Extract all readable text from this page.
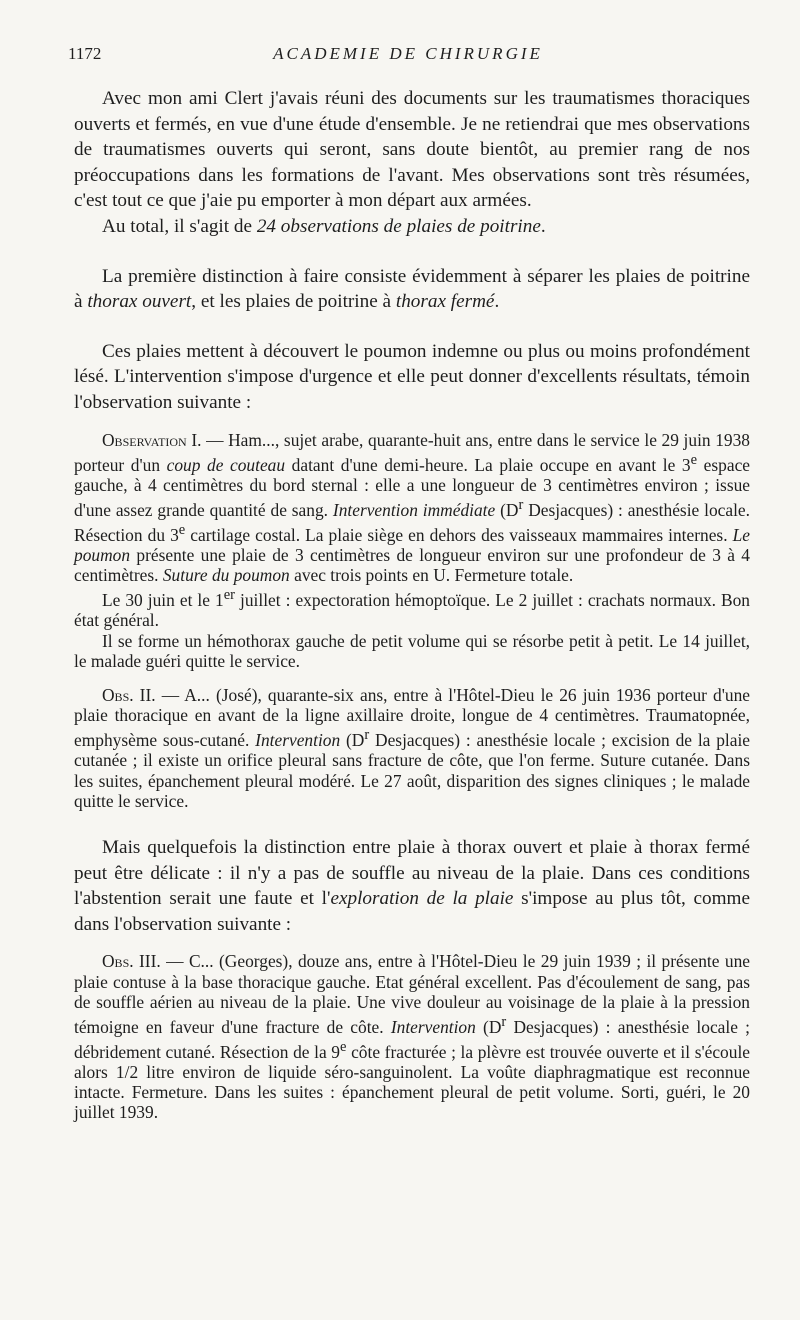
1172	ACADEMIE DE CHIRURGIE

Avec mon ami Clert j'avais réuni des documents sur les traumatismes thoraciques ouverts et fermés, en vue d'une étude d'ensemble. Je ne retiendrai que mes observations de traumatismes ouverts qui seront, sans doute bientôt, au premier rang de nos préoccupations dans les formations de l'avant. Mes observations sont très résumées, c'est tout ce que j'aie pu emporter à mon départ aux armées.

Au total, il s'agit de 24 observations de plaies de poitrine.

La première distinction à faire consiste évidemment à séparer les plaies de poitrine à thorax ouvert, et les plaies de poitrine à thorax fermé.

Ces plaies mettent à découvert le poumon indemne ou plus ou moins profondément lésé. L'intervention s'impose d'urgence et elle peut donner d'excellents résultats, témoin l'observation suivante :

Observation I. — Ham..., sujet arabe, quarante-huit ans, entre dans le service le 29 juin 1938 porteur d'un coup de couteau datant d'une demi-heure. La plaie occupe en avant le 3e espace gauche, à 4 centimètres du bord sternal : elle a une longueur de 3 centimètres environ ; issue d'une assez grande quantité de sang. Intervention immédiate ($D^r$ Desjacques) : anesthésie locale. Résection du 3e cartilage costal. La plaie siège en dehors des vaisseaux mammaires internes. Le poumon présente une plaie de 3 centimètres de longueur environ sur une profondeur de 3 à 4 centimètres. Suture du poumon avec trois points en U. Fermeture totale.

Le 30 juin et le 1er juillet : expectoration hémoptoïque. Le 2 juillet : crachats normaux. Bon état général.

Il se forme un hémothorax gauche de petit volume qui se résorbe petit à petit. Le 14 juillet, le malade guéri quitte le service.

Obs. II. — A... (José), quarante-six ans, entre à l'Hôtel-Dieu le 26 juin 1936 porteur d'une plaie thoracique en avant de la ligne axillaire droite, longue de 4 centimètres. Traumatopnée, emphysème sous-cutané. Intervention ($D^r$ Desjacques) : anesthésie locale ; excision de la plaie cutanée ; il existe un orifice pleural sans fracture de côte, que l'on ferme. Suture cutanée. Dans les suites, épanchement pleural modéré. Le 27 août, disparition des signes cliniques ; le malade quitte le service.

Mais quelquefois la distinction entre plaie à thorax ouvert et plaie à thorax fermé peut être délicate : il n'y a pas de souffle au niveau de la plaie. Dans ces conditions l'abstention serait une faute et l'exploration de la plaie s'impose au plus tôt, comme dans l'observation suivante :

Obs. III. — C... (Georges), douze ans, entre à l'Hôtel-Dieu le 29 juin 1939 ; il présente une plaie contuse à la base thoracique gauche. Etat général excellent. Pas d'écoulement de sang, pas de souffle aérien au niveau de la plaie. Une vive douleur au voisinage de la plaie à la pression témoigne en faveur d'une fracture de côte. Intervention ($D^r$ Desjacques) : anesthésie locale ; débridement cutané. Résection de la 9e côte fracturée ; la plèvre est trouvée ouverte et il s'écoule alors 1/2 litre environ de liquide séro-sanguinolent. La voûte diaphragmatique est reconnue intacte. Fermeture. Dans les suites : épanchement pleural de petit volume. Sorti, guéri, le 20 juillet 1939.
